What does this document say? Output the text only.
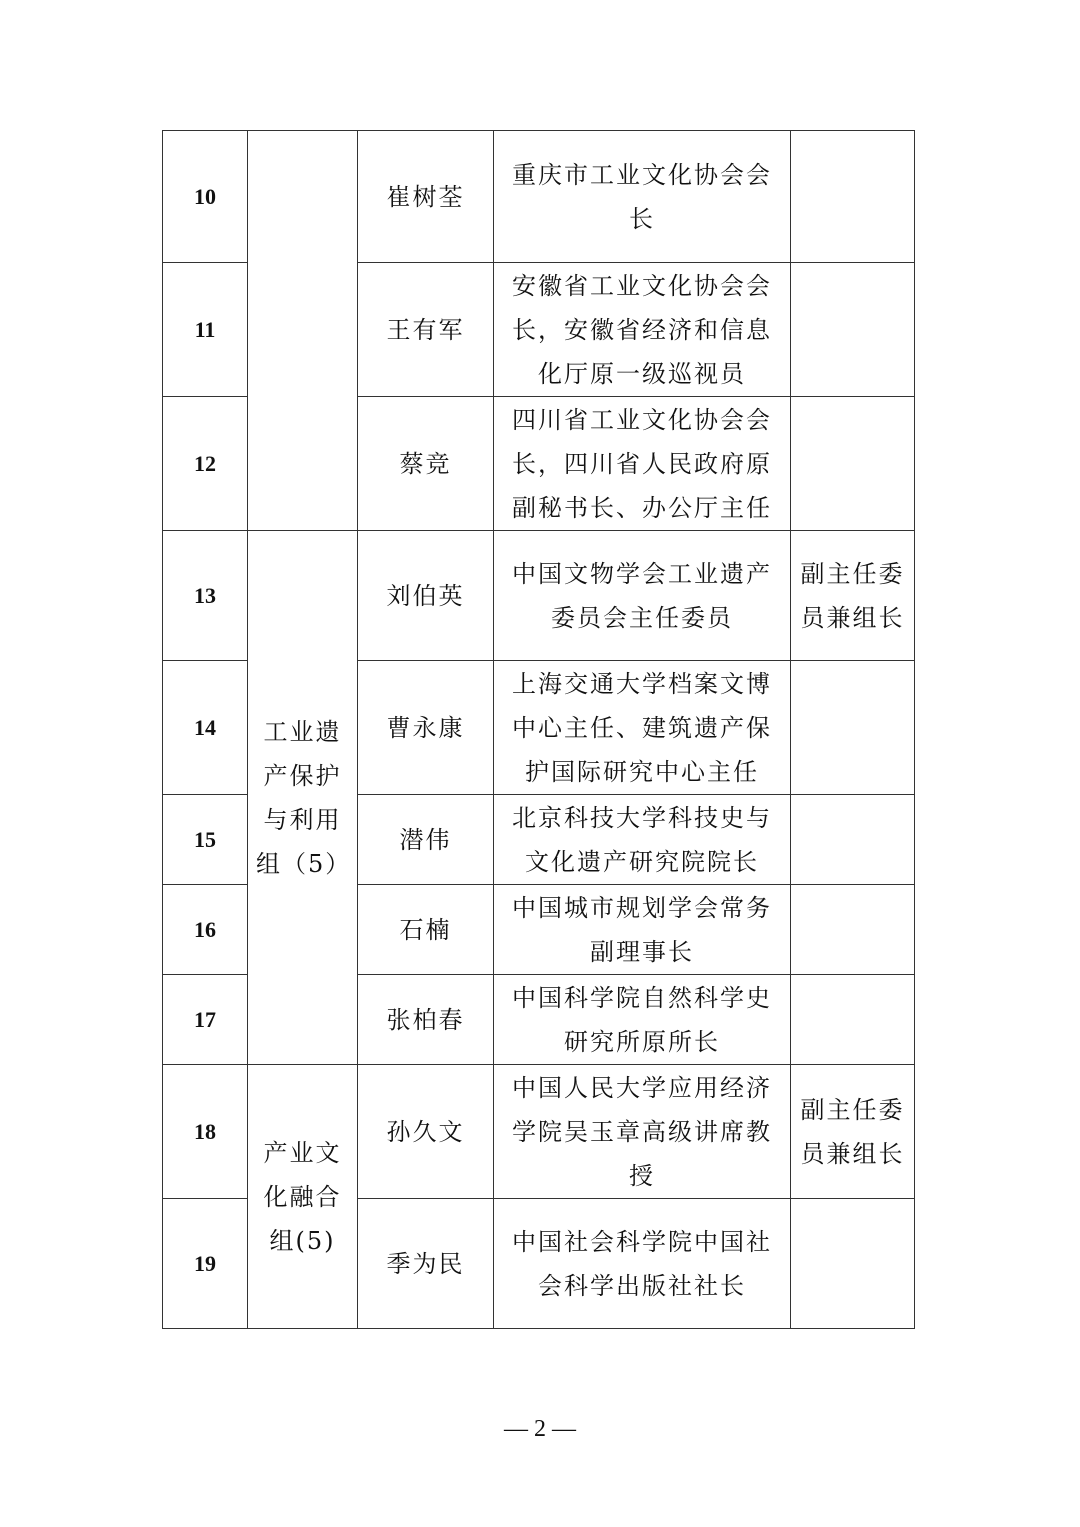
10		崔树荃	重庆市工业文化协会会长	
11		王有军	安徽省工业文化协会会长，安徽省经济和信息化厅原一级巡视员	
12		蔡竞	四川省工业文化协会会长，四川省人民政府原副秘书长、办公厅主任	
13	工业遗产保护与利用组（5）	刘伯英	中国文物学会工业遗产委员会主任委员	副主任委员兼组长
14		曹永康	上海交通大学档案文博中心主任、建筑遗产保护国际研究中心主任	
15		潜伟	北京科技大学科技史与文化遗产研究院院长	
16		石楠	中国城市规划学会常务副理事长	
17		张柏春	中国科学院自然科学史研究所原所长	
18	产业文化融合组(5)	孙久文	中国人民大学应用经济学院吴玉章高级讲席教授	副主任委员兼组长
19		季为民	中国社会科学院中国社会科学出版社社长	
— 2 —
